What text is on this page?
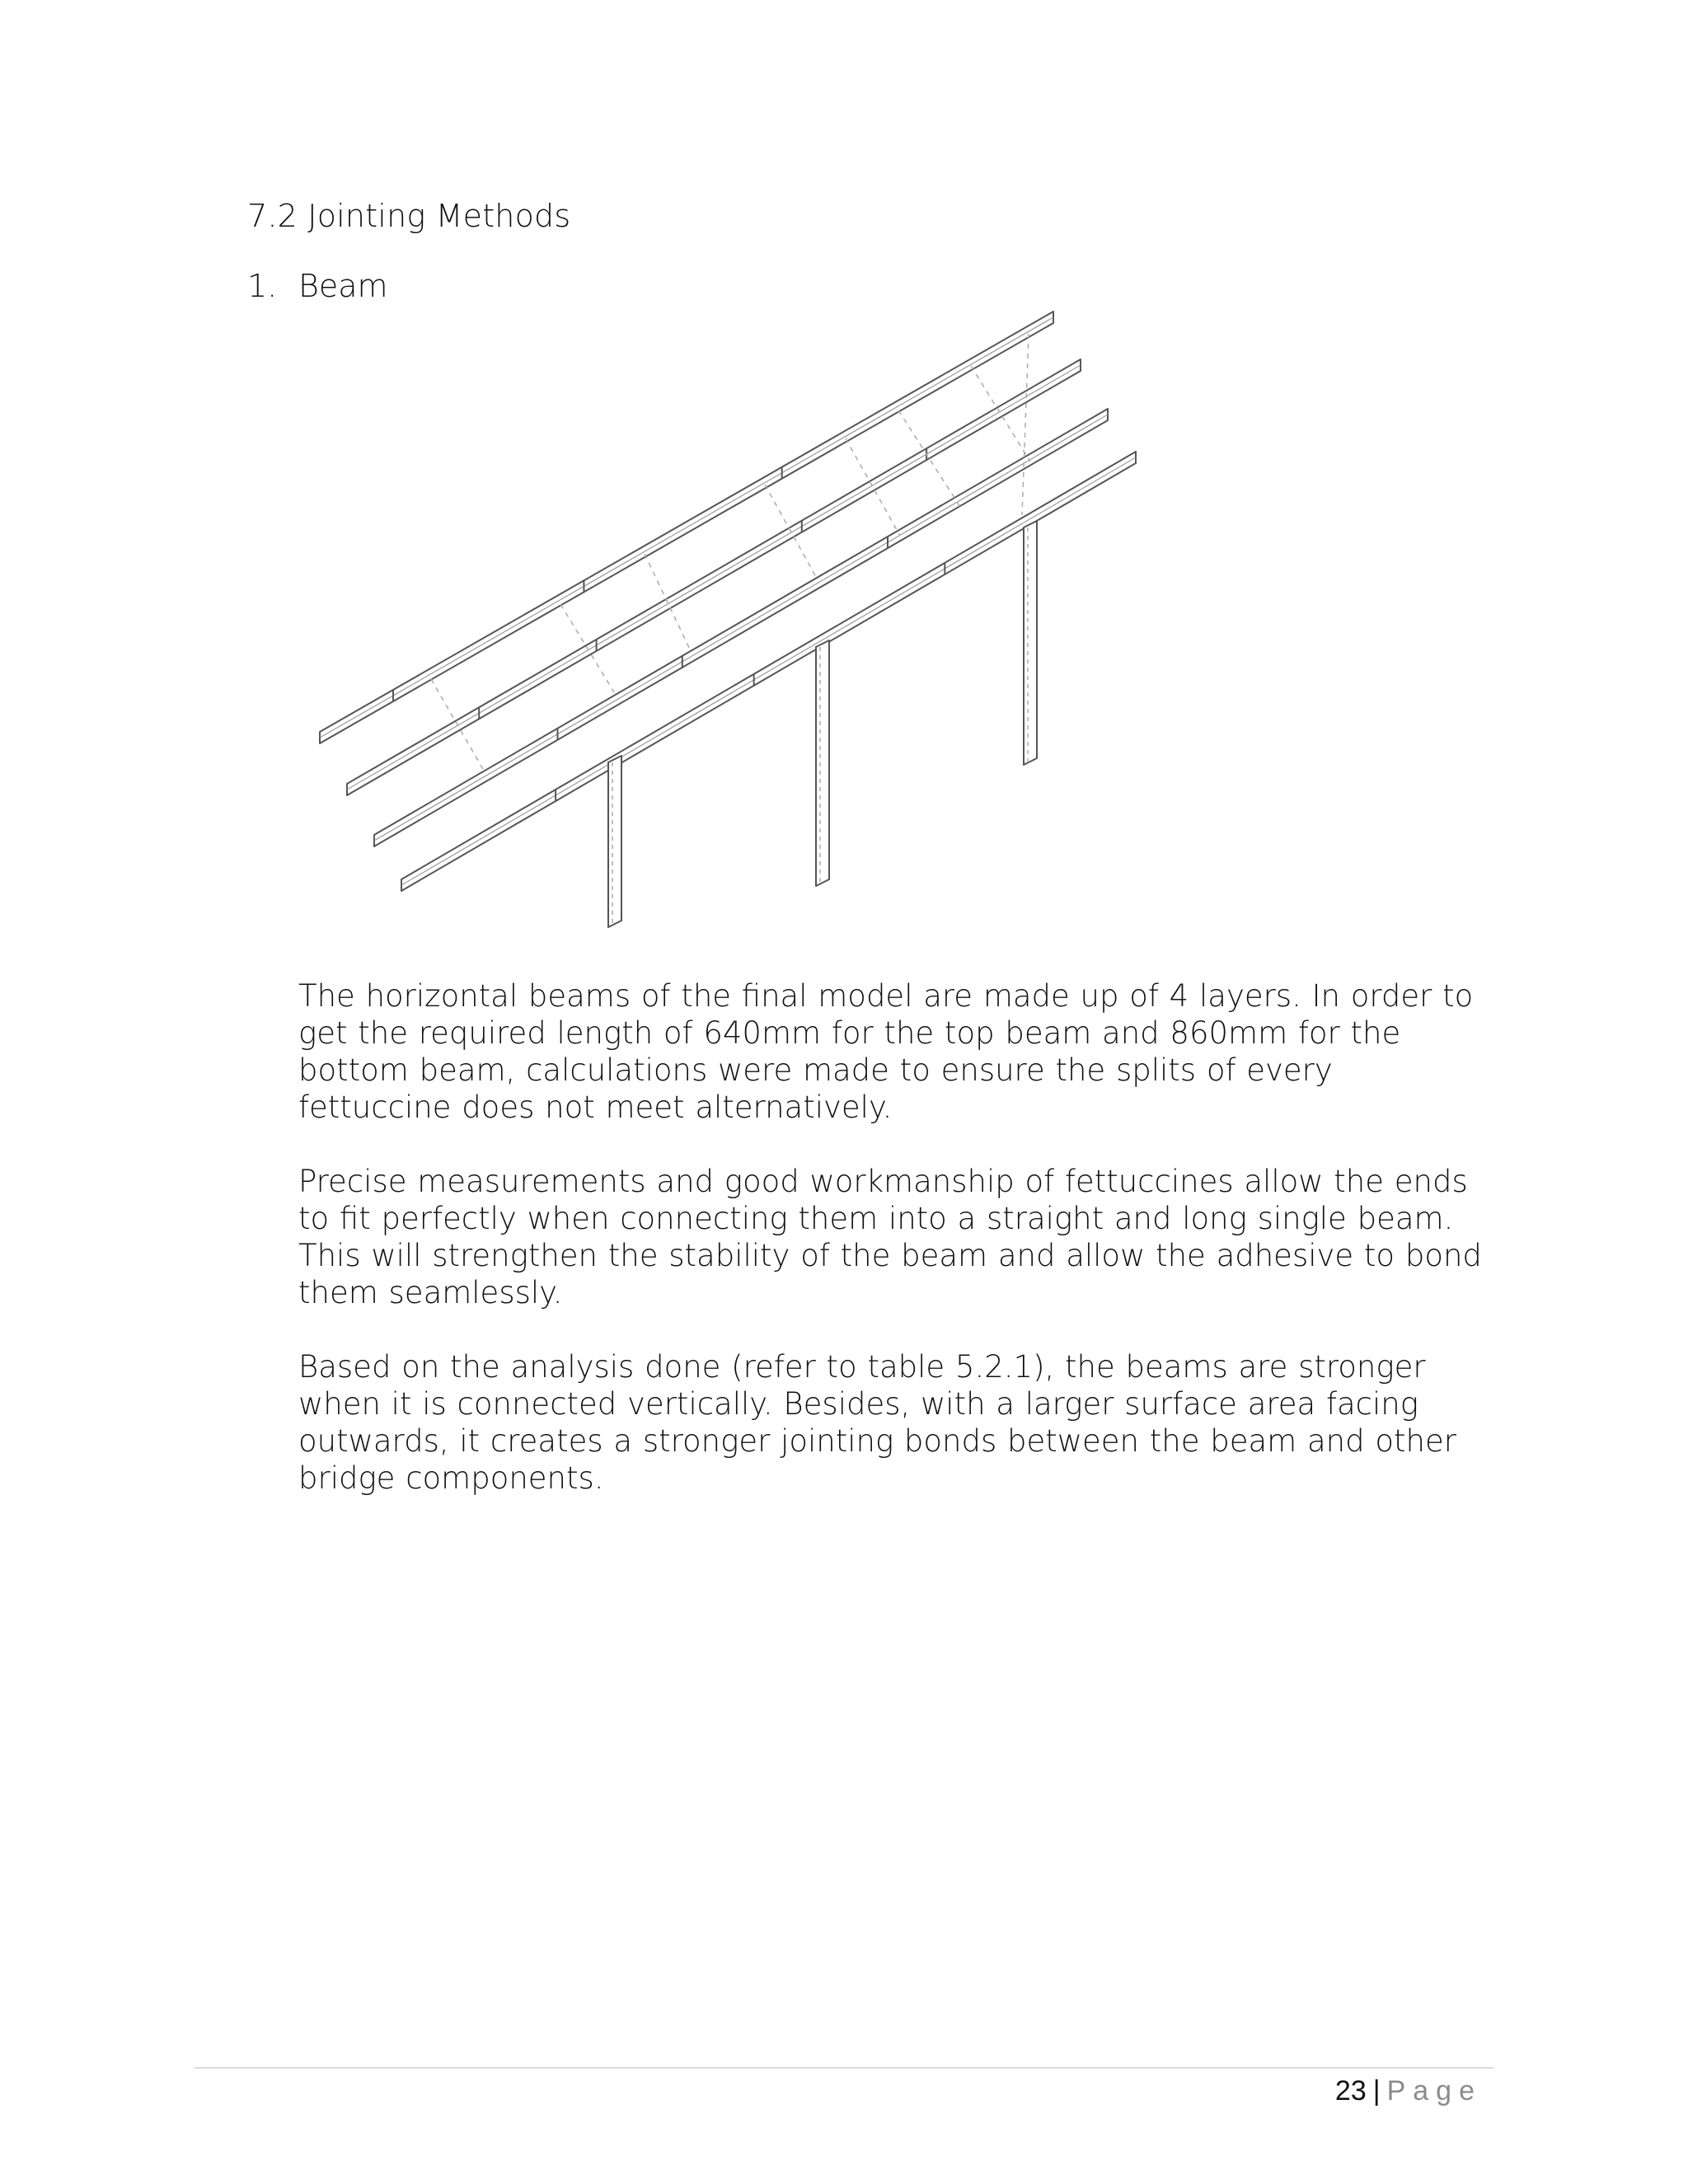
7.2 Jointing Methods
1. Beam

The horizontal beams of the final model are made up of 4 layers. In order to get the required length of 640mm for the top beam and 860mm for the bottom beam, calculations were made to ensure the splits of every fettuccine does not meet alternatively.

Precise measurements and good workmanship of fettuccines allow the ends to fit perfectly when connecting them into a straight and long single beam. This will strengthen the stability of the beam and allow the adhesive to bond them seamlessly.

Based on the analysis done (refer to table 5.2.1), the beams are stronger when it is connected vertically. Besides, with a larger surface area facing outwards, it creates a stronger jointing bonds between the beam and other bridge components.

23 | Page
